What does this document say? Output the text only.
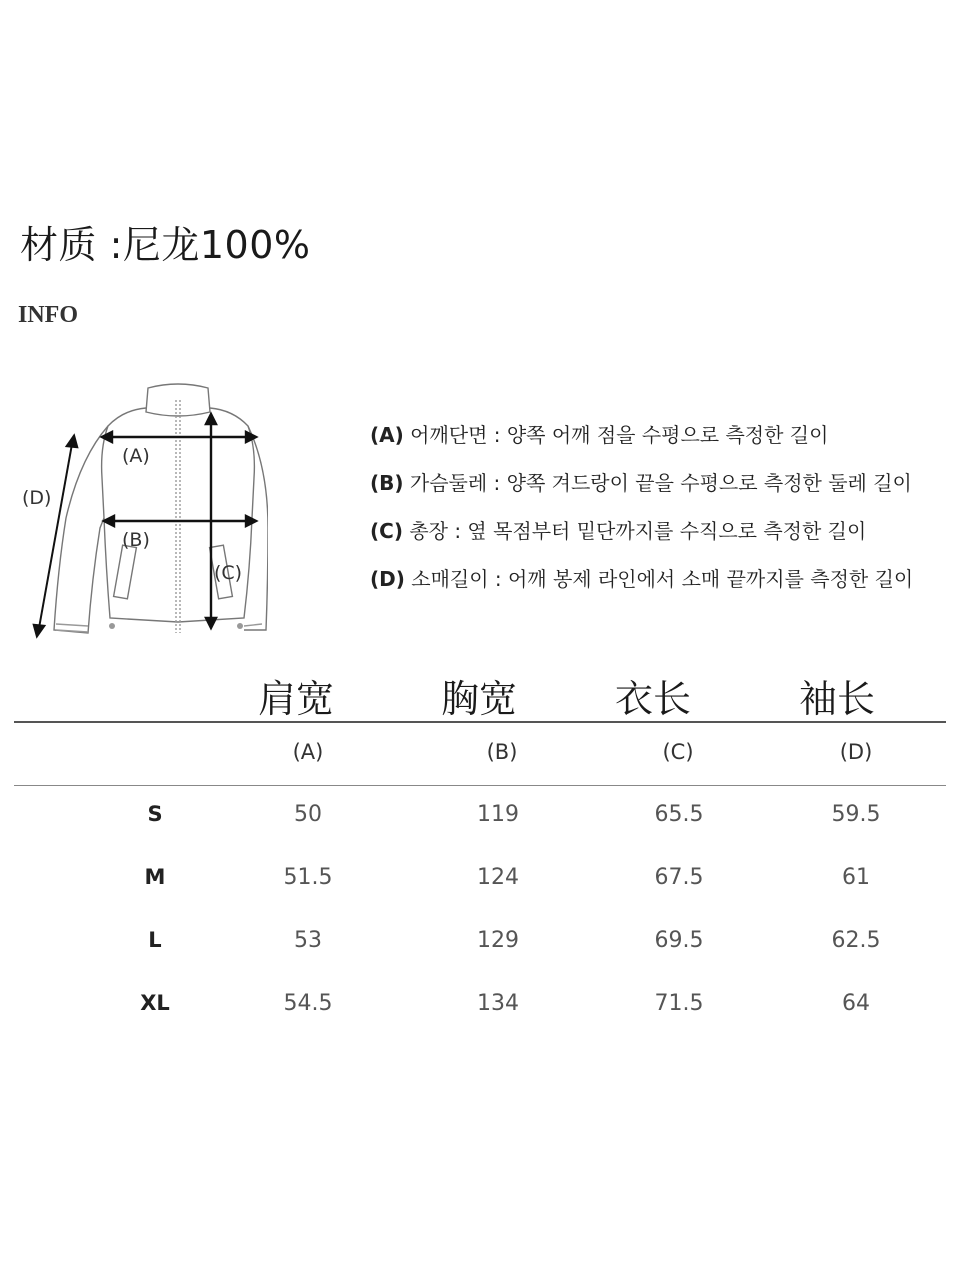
材质 :尼龙100%
INFO
(A)
(B)
(C)
(D)
(A) 어깨단면 : 양쪽 어깨 점을 수평으로 측정한 길이
(B) 가슴둘레 : 양쪽 겨드랑이 끝을 수평으로 측정한 둘레 길이
(C) 총장 : 옆 목점부터 밑단까지를 수직으로 측정한 길이
(D) 소매길이 : 어깨 봉제 라인에서 소매 끝까지를 측정한 길이
肩宽	胸宽	衣长	袖长
(A)	(B)	(C)	(D)
S	50	119	65.5	59.5
M	51.5	124	67.5	61
L	53	129	69.5	62.5
XL	54.5	134	71.5	64
